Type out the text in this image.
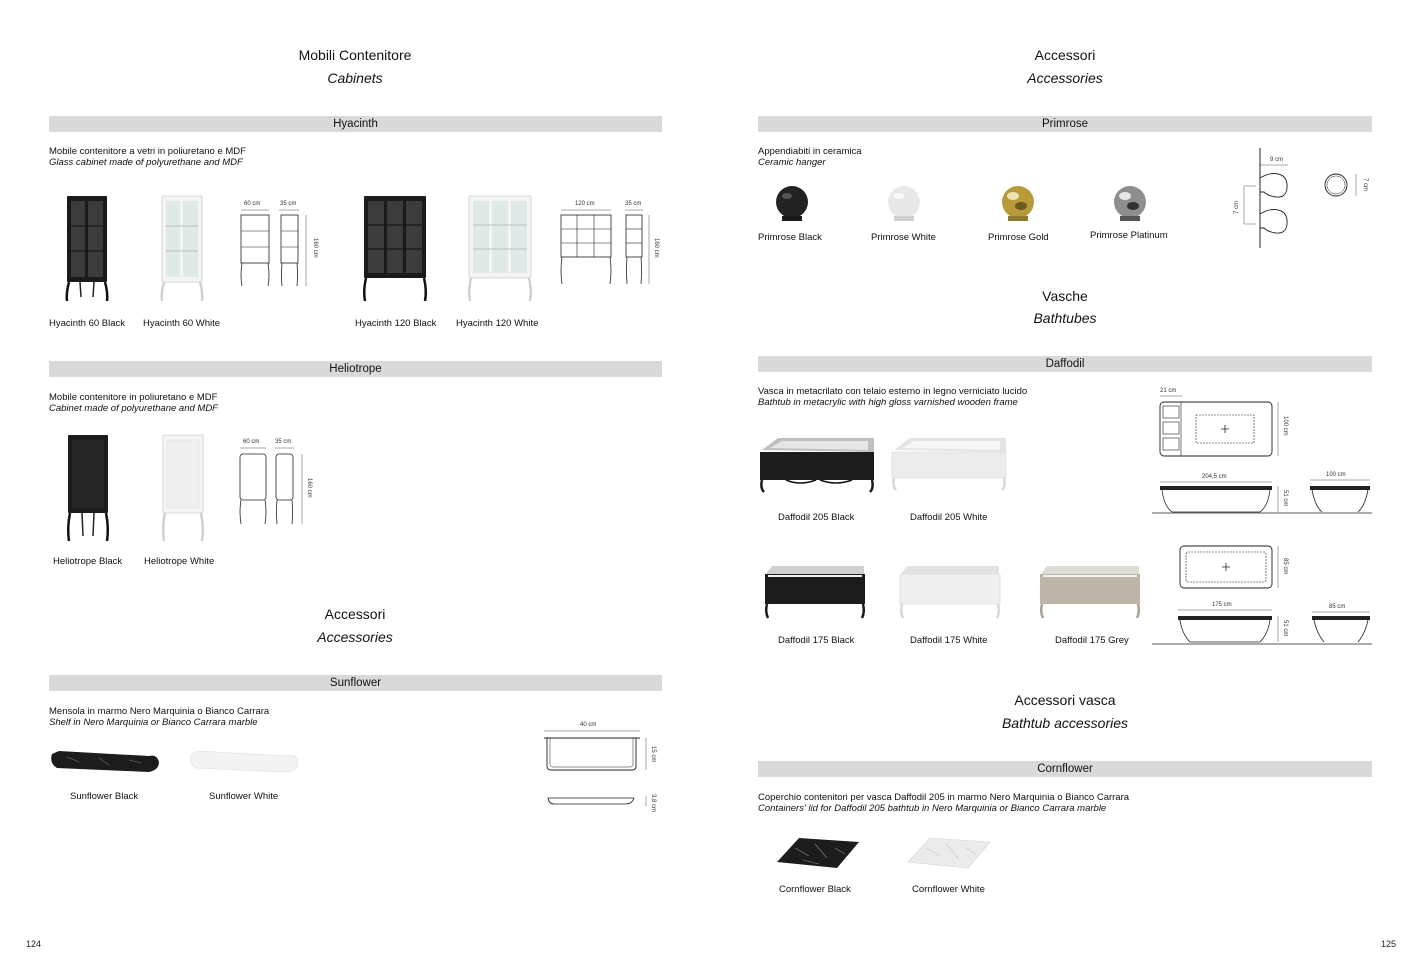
Mobili Contenitore
Cabinets
Hyacinth
Mobile contenitore a vetri in poliuretano e MDF
Glass cabinet made of polyurethane and MDF
60 cm	35 cm
160 cm
120 cm	35 cm
160 cm
Hyacinth 60 Black Hyacinth 60 White	Hyacinth 120 Black Hyacinth 120 White
Heliotrope
Mobile contenitore in poliuretano e MDF
Cabinet made of polyurethane and MDF
60 cm	35 cm
160 cm
Heliotrope Black Heliotrope White
Accessori
Accessories
Sunflower
Mensola in marmo Nero Marquinia o Bianco Carrara
Shelf in Nero Marquinia or Bianco Carrara marble
Sunflower Black	Sunflower White
40 cm
15 cm
3,8 cm
124
Accessori
Accessories
Primrose
Appendiabiti in ceramica
Ceramic hanger
Primrose Black	Primrose White	Primrose Gold	Primrose Platinum
9 cm
7 cm
7 cm
Vasche
Bathtubes
Daffodil
Vasca in metacrilato con telaio esterno in legno verniciato lucido
Bathtub in metacrylic with high gloss varnished wooden frame
Daffodil 205 Black	Daffodil 205 White
21 cm
100 cm
204,5 cm
51 cm
100 cm
Daffodil 175 Black	Daffodil 175 White	Daffodil 175 Grey
85 cm
175 cm
51 cm
85 cm
Accessori vasca
Bathtub accessories
Cornflower
Coperchio contenitori per vasca Daffodil 205 in marmo Nero Marquinia o Bianco Carrara
Containers' lid for Daffodil 205 bathtub in Nero Marquinia or Bianco Carrara marble
Cornflower Black	Cornflower White
125
